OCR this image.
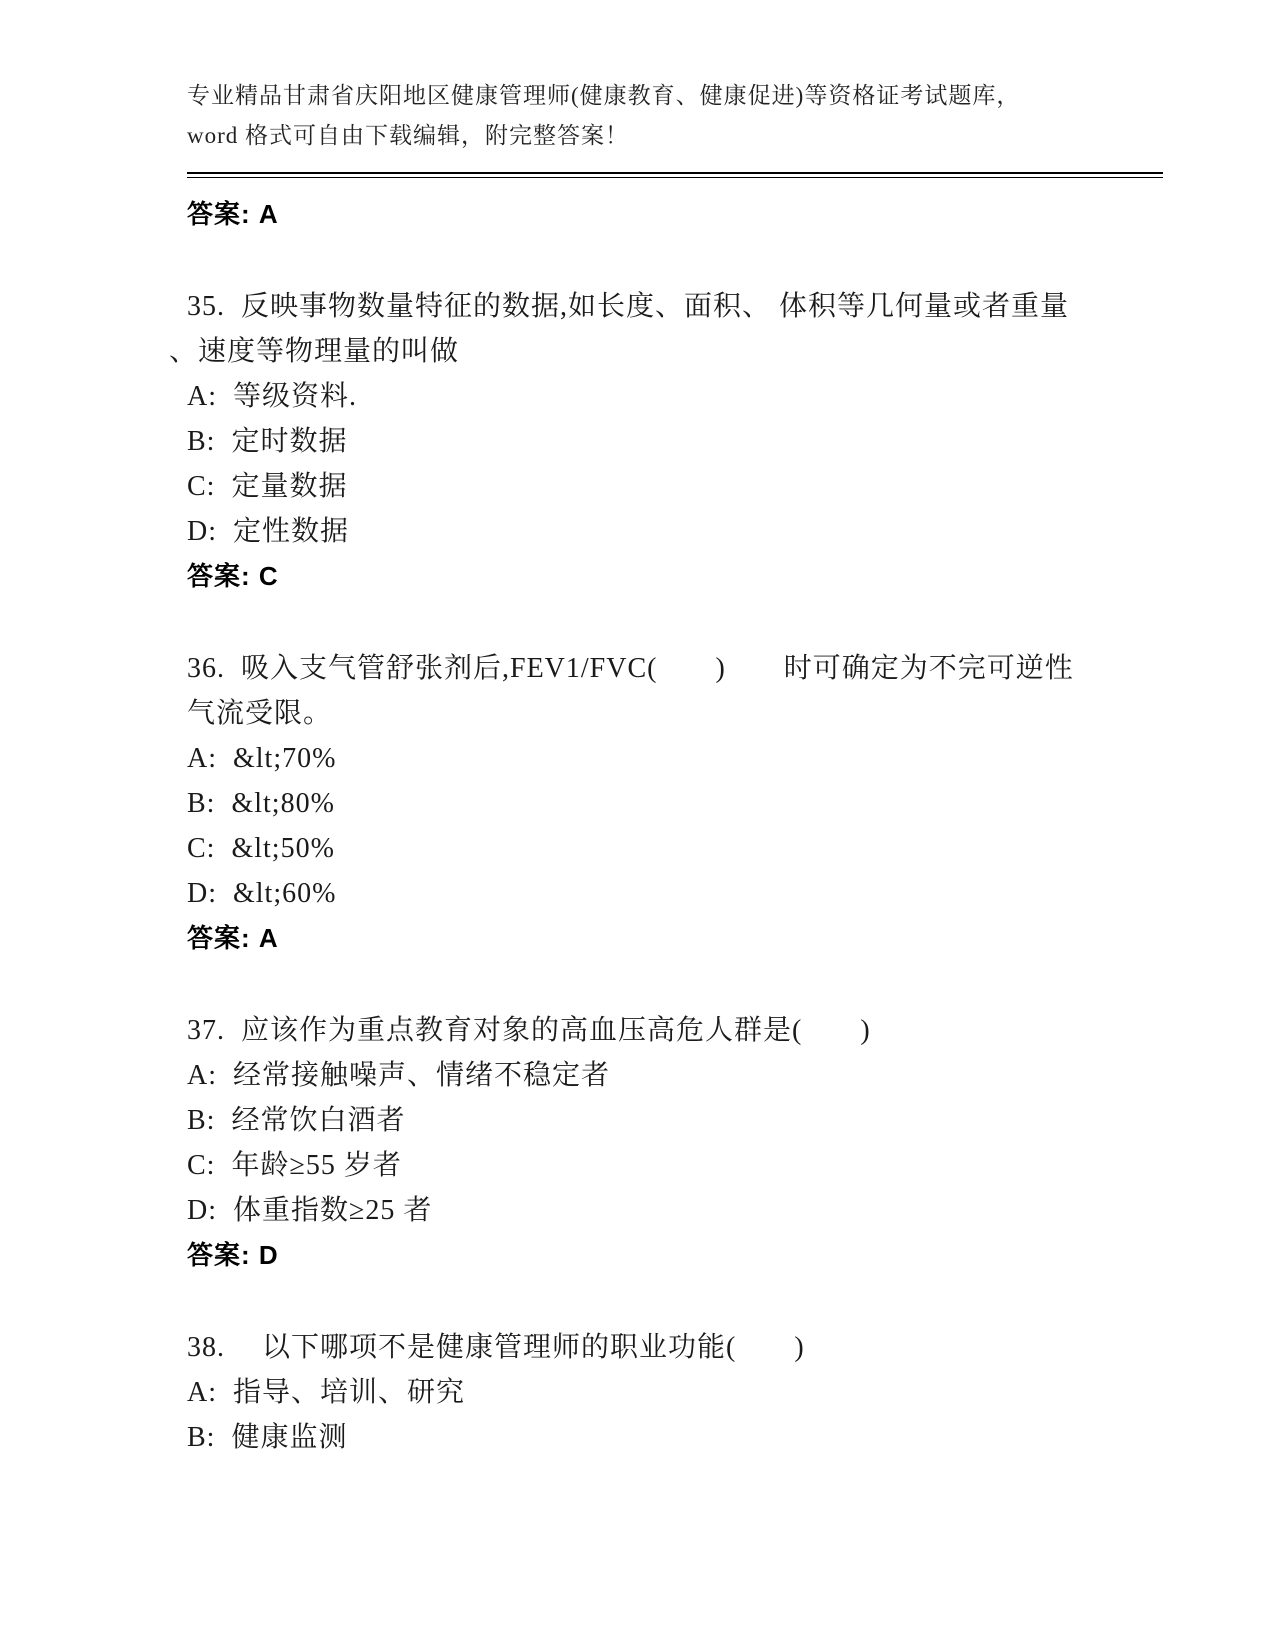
专业精品甘肃省庆阳地区健康管理师(健康教育、健康促进)等资格证考试题库，
word 格式可自由下载编辑，附完整答案！
答案: A
35.  反映事物数量特征的数据,如长度、面积、 体积等几何量或者重量
、速度等物理量的叫做
A:  等级资料.
B:  定时数据
C:  定量数据
D:  定性数据
答案: C
36.  吸入支气管舒张剂后,FEV1/FVC(　　)　　时可确定为不完可逆性
气流受限。
A:  &lt;70%
B:  &lt;80%
C:  &lt;50%
D:  &lt;60%
答案: A
37.  应该作为重点教育对象的高血压高危人群是(　　)
A:  经常接触噪声、情绪不稳定者
B:  经常饮白酒者
C:  年龄≥55 岁者
D:  体重指数≥25 者
答案: D
38.　 以下哪项不是健康管理师的职业功能(　　)
A:  指导、培训、研究
B:  健康监测
